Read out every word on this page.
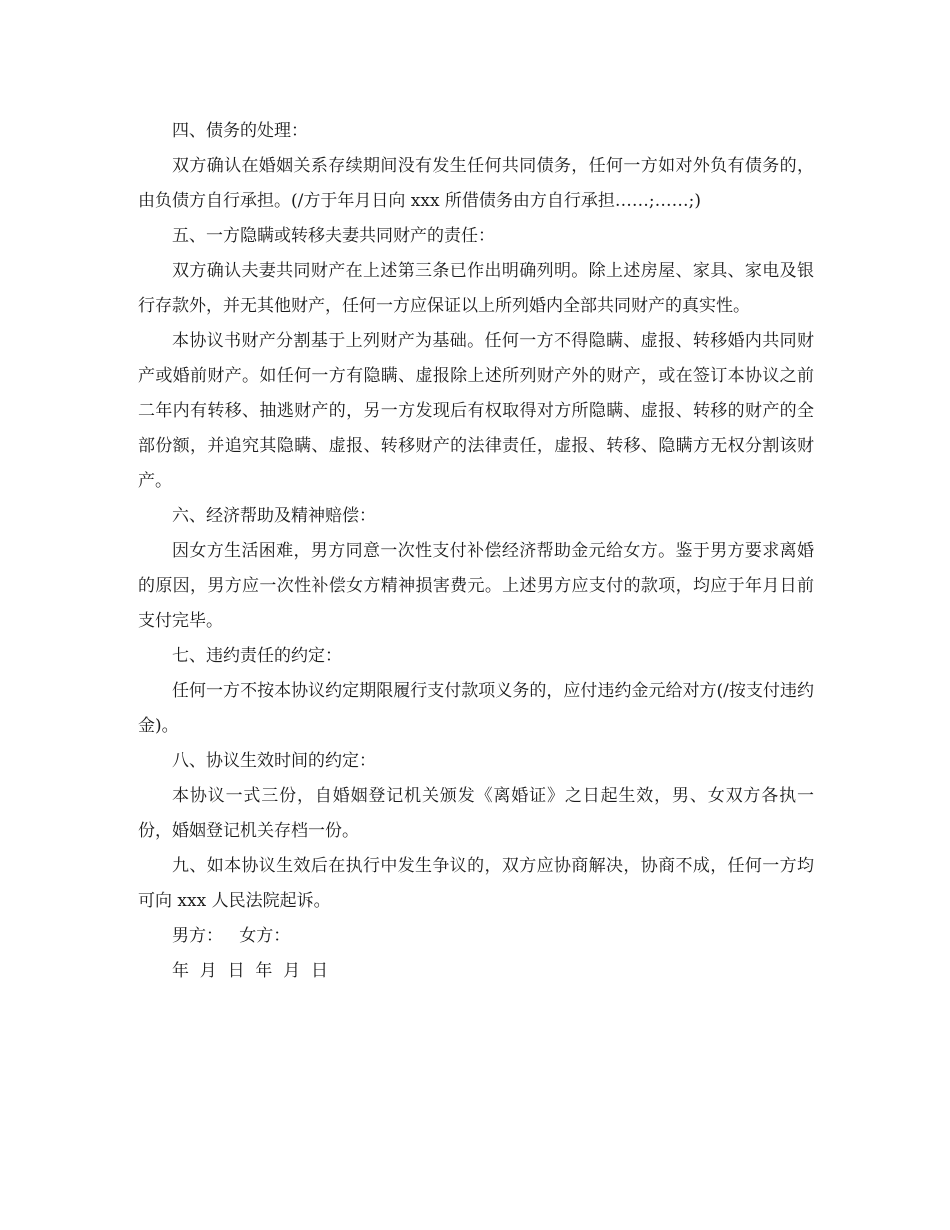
四、债务的处理：

双方确认在婚姻关系存续期间没有发生任何共同债务，任何一方如对外负有债务的，由负债方自行承担。(/方于年月日向 xxx 所借债务由方自行承担……;……;)

五、一方隐瞒或转移夫妻共同财产的责任：

双方确认夫妻共同财产在上述第三条已作出明确列明。除上述房屋、家具、家电及银行存款外，并无其他财产，任何一方应保证以上所列婚内全部共同财产的真实性。

本协议书财产分割基于上列财产为基础。任何一方不得隐瞒、虚报、转移婚内共同财产或婚前财产。如任何一方有隐瞒、虚报除上述所列财产外的财产，或在签订本协议之前二年内有转移、抽逃财产的，另一方发现后有权取得对方所隐瞒、虚报、转移的财产的全部份额，并追究其隐瞒、虚报、转移财产的法律责任，虚报、转移、隐瞒方无权分割该财产。

六、经济帮助及精神赔偿：

因女方生活困难，男方同意一次性支付补偿经济帮助金元给女方。鉴于男方要求离婚的原因，男方应一次性补偿女方精神损害费元。上述男方应支付的款项，均应于年月日前支付完毕。

七、违约责任的约定：

任何一方不按本协议约定期限履行支付款项义务的，应付违约金元给对方(/按支付违约金)。

八、协议生效时间的约定：

本协议一式三份，自婚姻登记机关颁发《离婚证》之日起生效，男、女双方各执一份，婚姻登记机关存档一份。

九、如本协议生效后在执行中发生争议的，双方应协商解决，协商不成，任何一方均可向 xxx 人民法院起诉。

男方：   女方：

年  月  日  年  月  日
